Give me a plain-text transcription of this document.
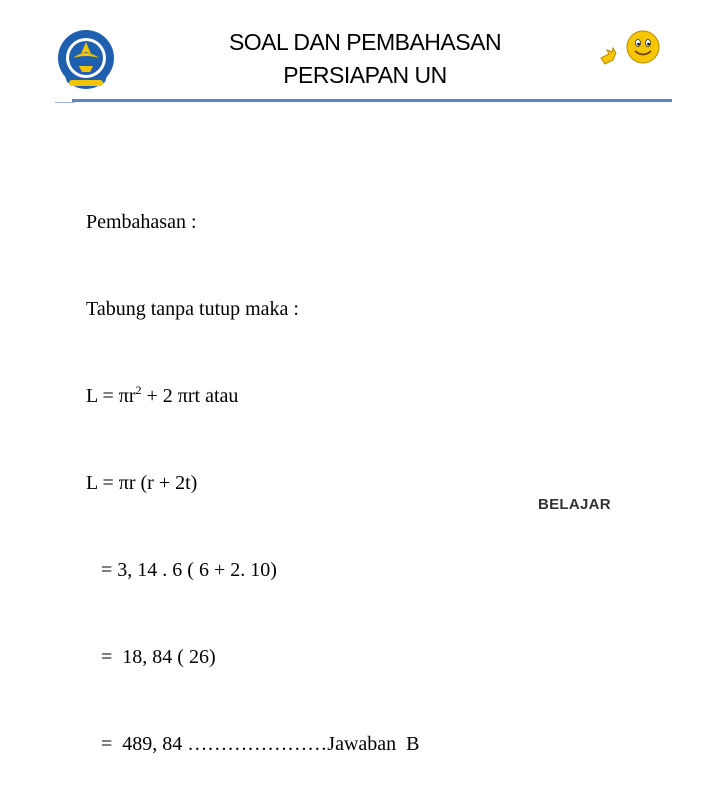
SOAL DAN PEMBAHASAN
PERSIAPAN UN

Pembahasan :

Tabung tanpa tutup maka :

$L = \pi r^2 + 2$ πrt atau

L = πr (r + 2t)

= 3, 14 . 6 ( 6 + 2. 10)

=  18, 84 ( 26)

=  489, 84 …………………Jawaban  B

BELAJAR
